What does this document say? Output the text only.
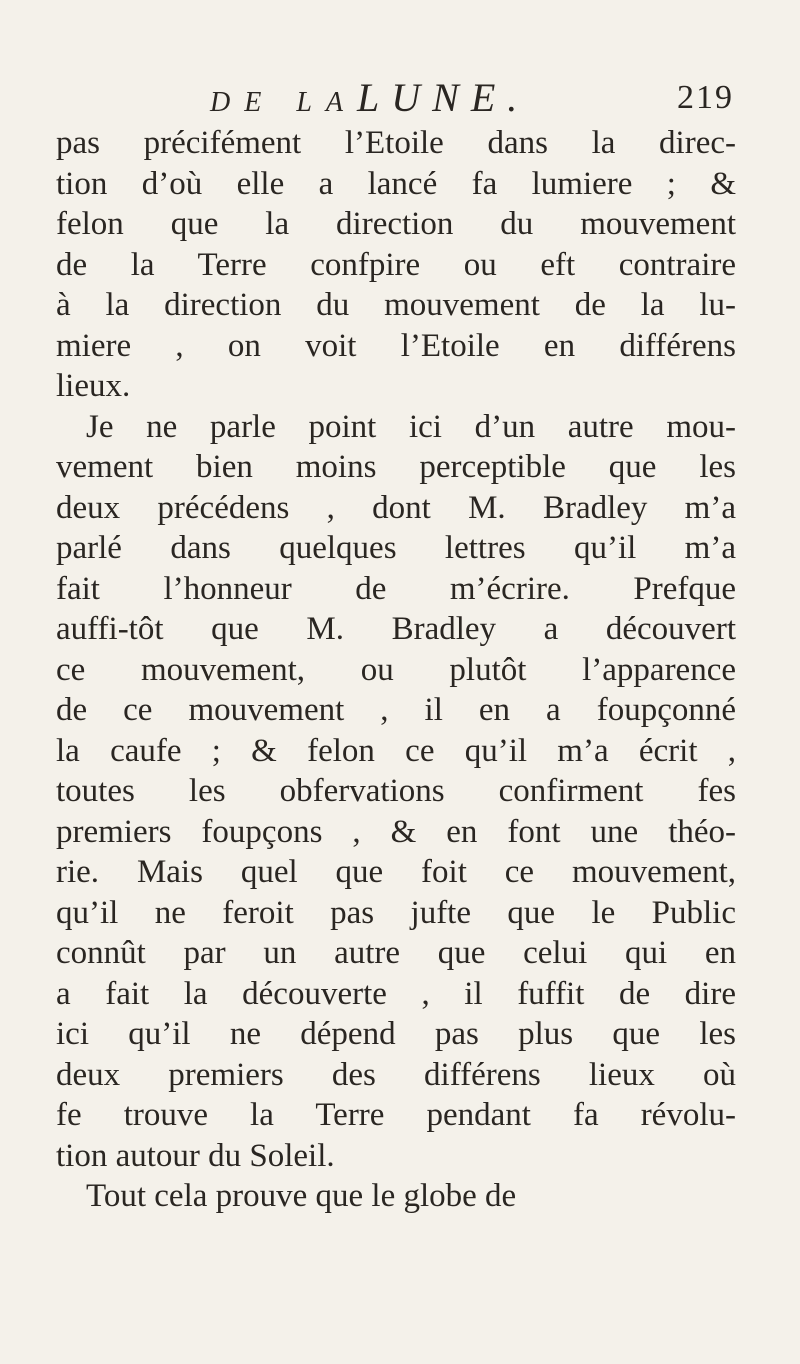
DE LALUNE.	219
pas précifément l’Etoile dans la direc-
tion d’où elle a lancé fa lumiere ; &
felon que la direction du mouvement
de la Terre confpire ou eft contraire
à la direction du mouvement de la lu-
miere , on voit l’Etoile en différens
lieux.
Je ne parle point ici d’un autre mou-
vement bien moins perceptible que les
deux précédens , dont M. Bradley m’a
parlé dans quelques lettres qu’il m’a
fait l’honneur de m’écrire. Prefque
auffi-tôt que M. Bradley a découvert
ce mouvement, ou plutôt l’apparence
de ce mouvement , il en a foupçonné
la caufe ; & felon ce qu’il m’a écrit ,
toutes les obfervations confirment fes
premiers foupçons , & en font une théo-
rie. Mais quel que foit ce mouvement,
qu’il ne feroit pas jufte que le Public
connût par un autre que celui qui en
a fait la découverte , il fuffit de dire
ici qu’il ne dépend pas plus que les
deux premiers des différens lieux où
fe trouve la Terre pendant fa révolu-
tion autour du Soleil.
Tout cela prouve que le globe de
